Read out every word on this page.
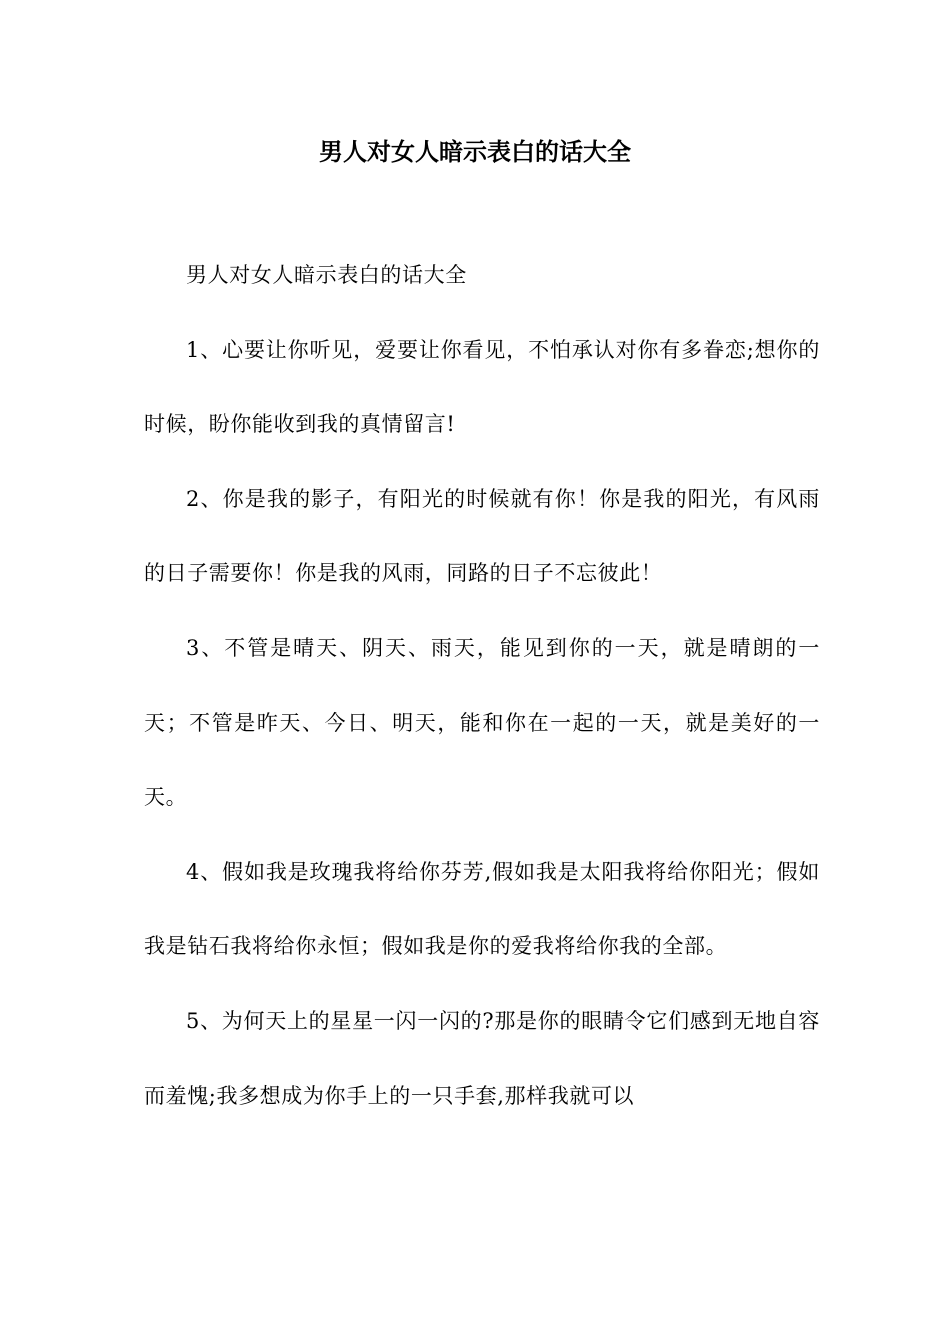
男人对女人暗示表白的话大全

男人对女人暗示表白的话大全

1、心要让你听见，爱要让你看见，不怕承认对你有多眷恋;想你的时候，盼你能收到我的真情留言!

2、你是我的影子，有阳光的时候就有你！你是我的阳光，有风雨的日子需要你！你是我的风雨，同路的日子不忘彼此！

3、不管是晴天、阴天、雨天，能见到你的一天，就是晴朗的一天；不管是昨天、今日、明天，能和你在一起的一天，就是美好的一天。

4、假如我是玫瑰我将给你芬芳,假如我是太阳我将给你阳光；假如我是钻石我将给你永恒；假如我是你的爱我将给你我的全部。

5、为何天上的星星一闪一闪的?那是你的眼睛令它们感到无地自容而羞愧;我多想成为你手上的一只手套,那样我就可以
